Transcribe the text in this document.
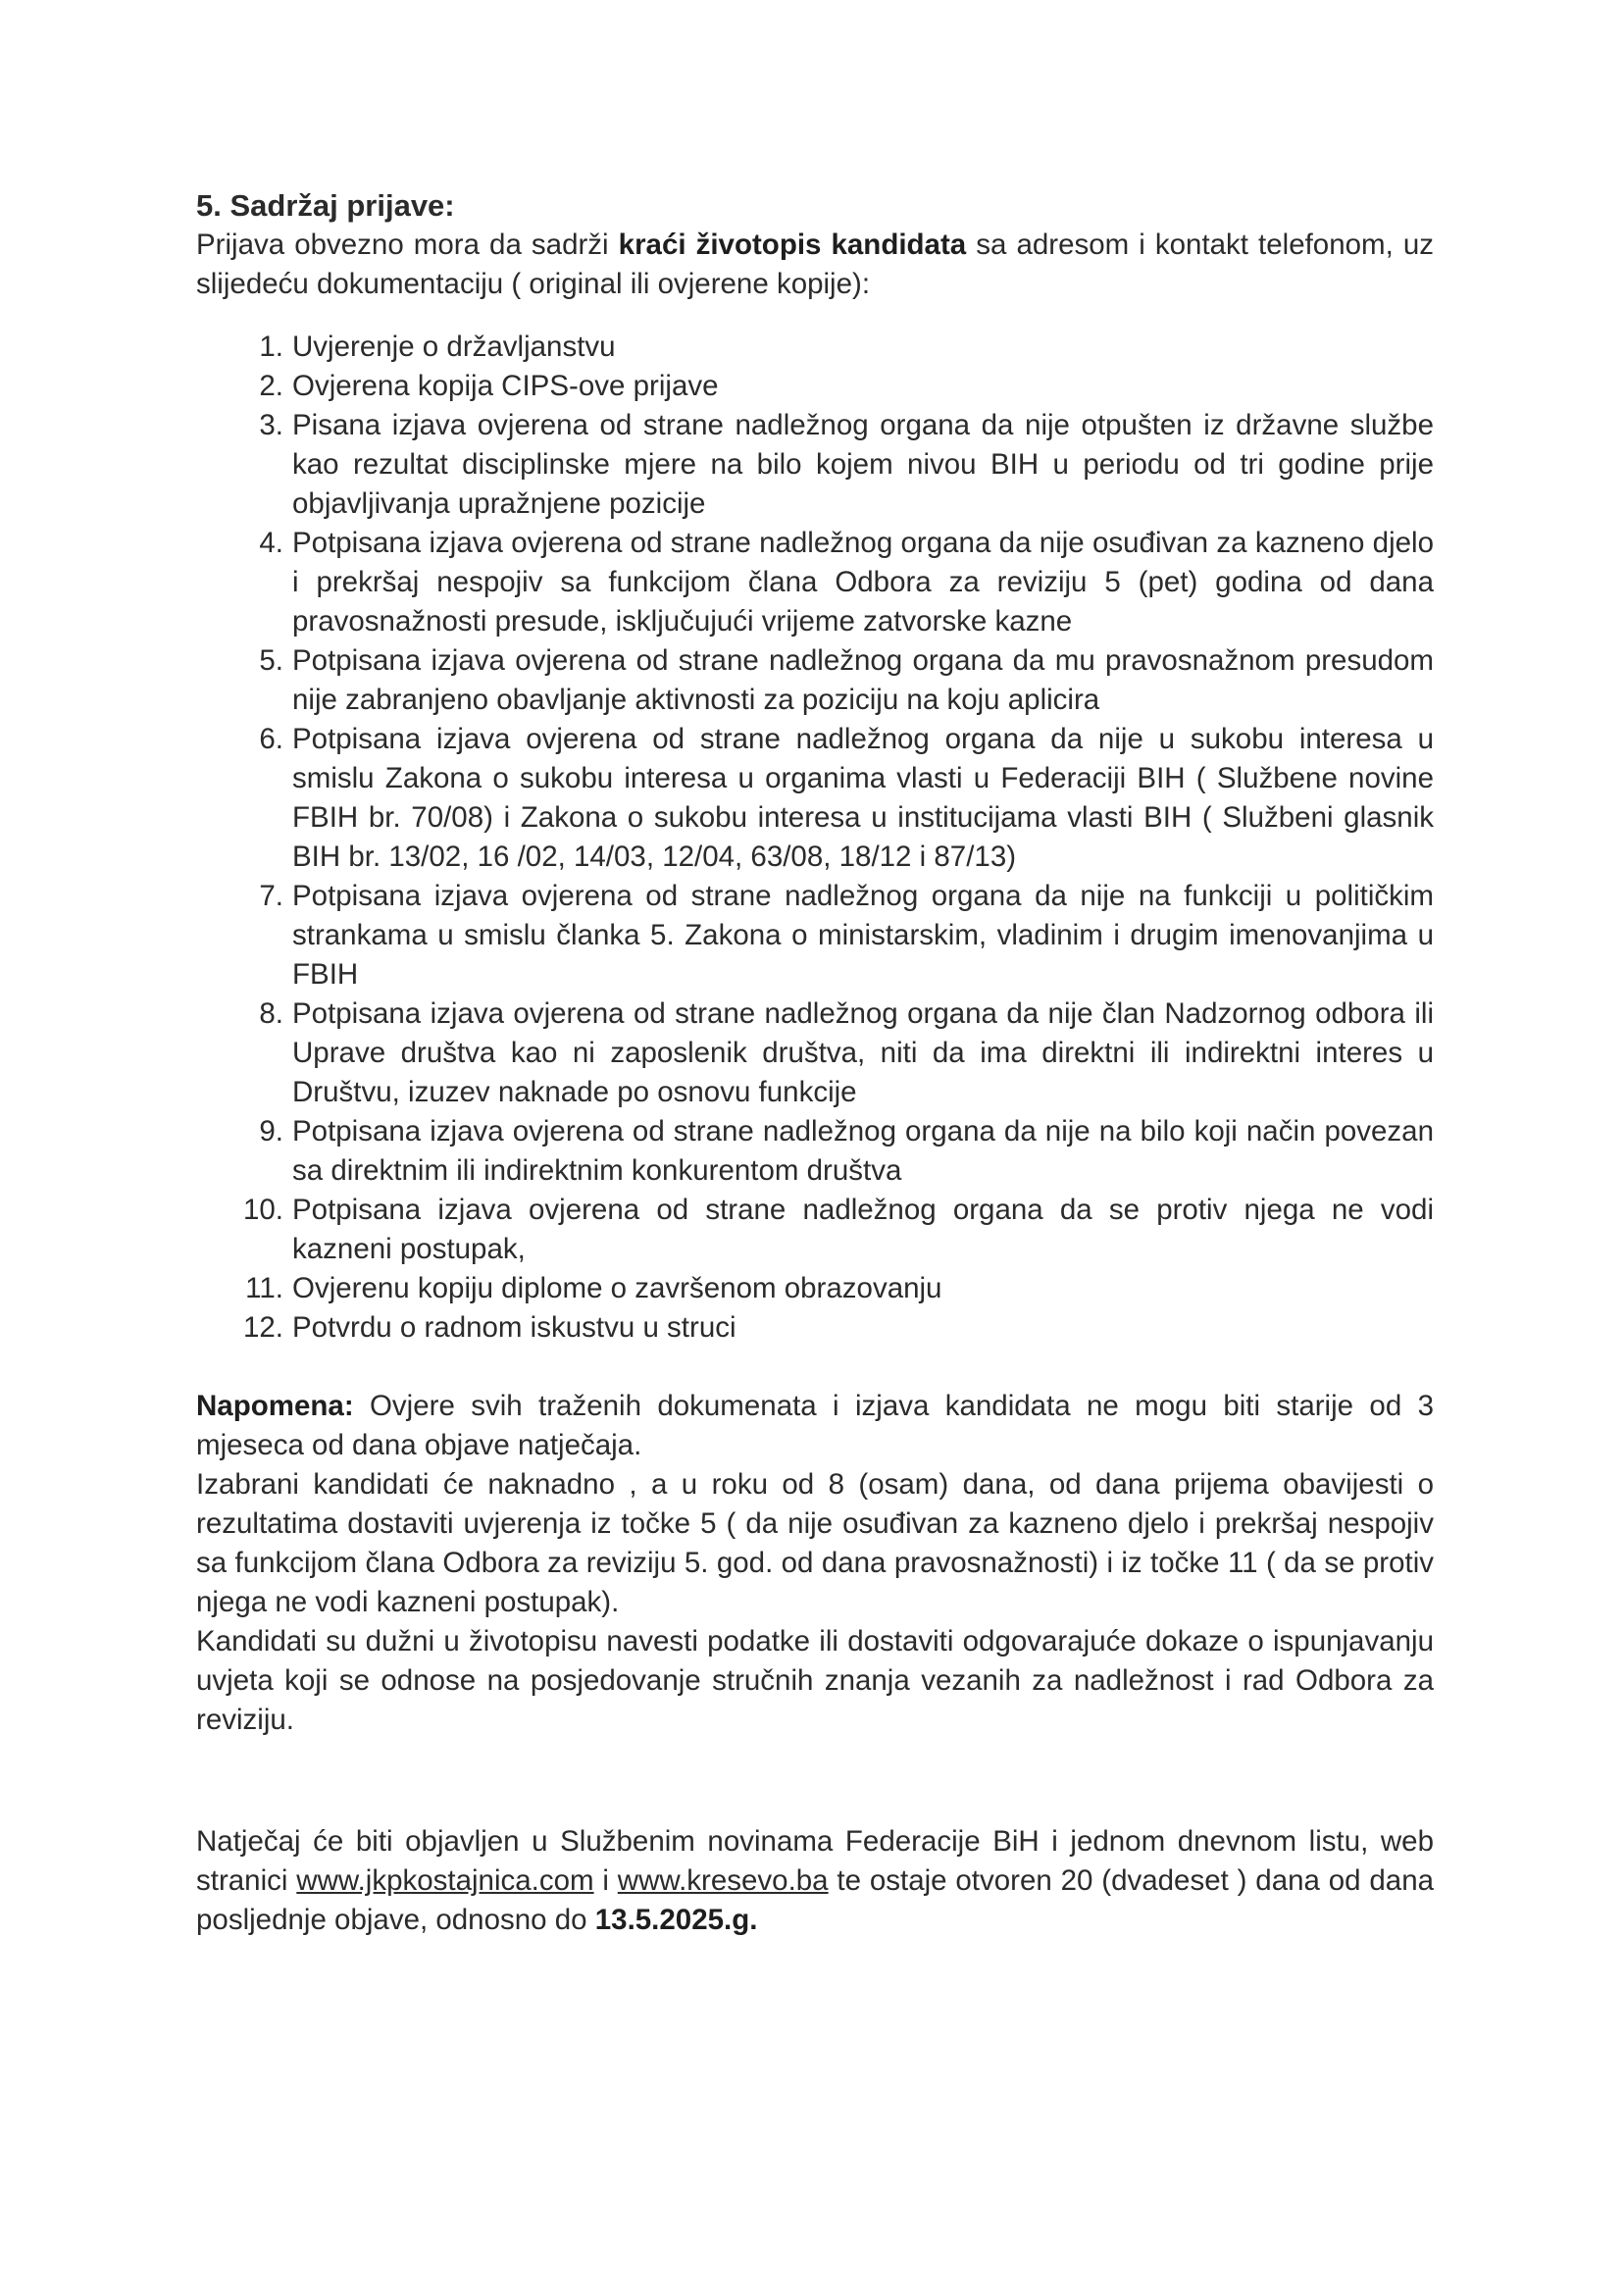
5. Sadržaj prijave:

Prijava obvezno mora da sadrži kraći životopis kandidata sa adresom i kontakt telefonom, uz slijedeću dokumentaciju ( original ili ovjerene kopije):

1. Uvjerenje o državljanstvu
2. Ovjerena kopija CIPS-ove prijave
3. Pisana izjava ovjerena od strane nadležnog organa da nije otpušten iz državne službe kao rezultat disciplinske mjere na bilo kojem nivou BIH u periodu od tri godine prije objavljivanja upražnjene pozicije
4. Potpisana izjava ovjerena od strane nadležnog organa da nije osuđivan za kazneno djelo i prekršaj nespojiv sa funkcijom člana Odbora za reviziju 5 (pet) godina od dana pravosnažnosti presude, isključujući vrijeme zatvorske kazne
5. Potpisana izjava ovjerena od strane nadležnog organa da mu pravosnažnom presudom nije zabranjeno obavljanje aktivnosti za poziciju na koju aplicira
6. Potpisana izjava ovjerena od strane nadležnog organa da nije u sukobu interesa u smislu Zakona o sukobu interesa u organima vlasti u Federaciji BIH ( Službene novine FBIH br. 70/08) i Zakona o sukobu interesa u institucijama vlasti BIH ( Službeni glasnik BIH br. 13/02, 16 /02, 14/03, 12/04, 63/08, 18/12 i 87/13)
7. Potpisana izjava ovjerena od strane nadležnog organa da nije na funkciji u političkim strankama u smislu članka 5. Zakona o ministarskim, vladinim i drugim imenovanjima u FBIH
8. Potpisana izjava ovjerena od strane nadležnog organa da nije član Nadzornog odbora ili Uprave društva kao ni zaposlenik društva, niti da ima direktni ili indirektni interes u Društvu, izuzev naknade po osnovu funkcije
9. Potpisana izjava ovjerena od strane nadležnog organa da nije na bilo koji način povezan sa direktnim ili indirektnim konkurentom društva
10. Potpisana izjava ovjerena od strane nadležnog organa da se protiv njega ne vodi kazneni postupak,
11. Ovjerenu kopiju diplome o završenom obrazovanju
12. Potvrdu o radnom iskustvu u struci

Napomena: Ovjere svih traženih dokumenata i izjava kandidata ne mogu biti starije od 3 mjeseca od dana objave natječaja.

Izabrani kandidati će naknadno , a u roku od 8 (osam) dana, od dana prijema obavijesti o rezultatima dostaviti uvjerenja iz točke 5 ( da nije osuđivan za kazneno djelo i prekršaj nespojiv sa funkcijom člana Odbora za reviziju 5. god. od dana pravosnažnosti) i iz točke 11 ( da se protiv njega ne vodi kazneni postupak).

Kandidati su dužni u životopisu navesti podatke ili dostaviti odgovarajuće dokaze o ispunjavanju uvjeta koji se odnose na posjedovanje stručnih znanja vezanih za nadležnost i rad Odbora za reviziju.

Natječaj će biti objavljen u Službenim novinama Federacije BiH i jednom dnevnom listu, web stranici www.jkpkostajnica.com i www.kresevo.ba te ostaje otvoren 20 (dvadeset ) dana od dana posljednje objave, odnosno do 13.5.2025.g.
